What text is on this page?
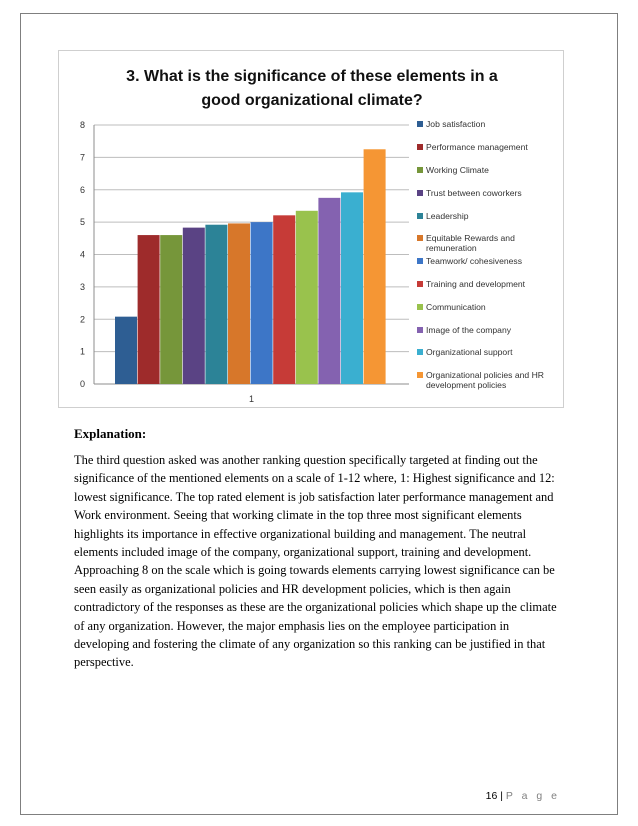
3. What is the significance of these elements in a
good organizational climate?
0
1
2
3
4
5
6
7
8
1
Job satisfaction
Performance management
Working Climate
Trust between coworkers
Leadership
Equitable Rewards and remuneration
Teamwork/ cohesiveness
Training and development
Communication
Image of the company
Organizational support
Organizational policies and HR development policies
Explanation:

The third question asked was another ranking question specifically targeted at finding out the significance of the mentioned elements on a scale of 1-12 where, 1: Highest significance and 12: lowest significance. The top rated element is job satisfaction later performance management and Work environment. Seeing that working climate in the top three most significant elements highlights its importance in effective organizational building and management. The neutral elements included image of the company, organizational support, training and development. Approaching 8 on the scale which is going towards elements carrying lowest significance can be seen easily as organizational policies and HR development policies, which is then again contradictory of the responses as these are the organizational policies which shape up the climate of any organization. However, the major emphasis lies on the employee participation in developing and fostering the climate of any organization so this ranking can be justified in that perspective.

16 | P a g e
